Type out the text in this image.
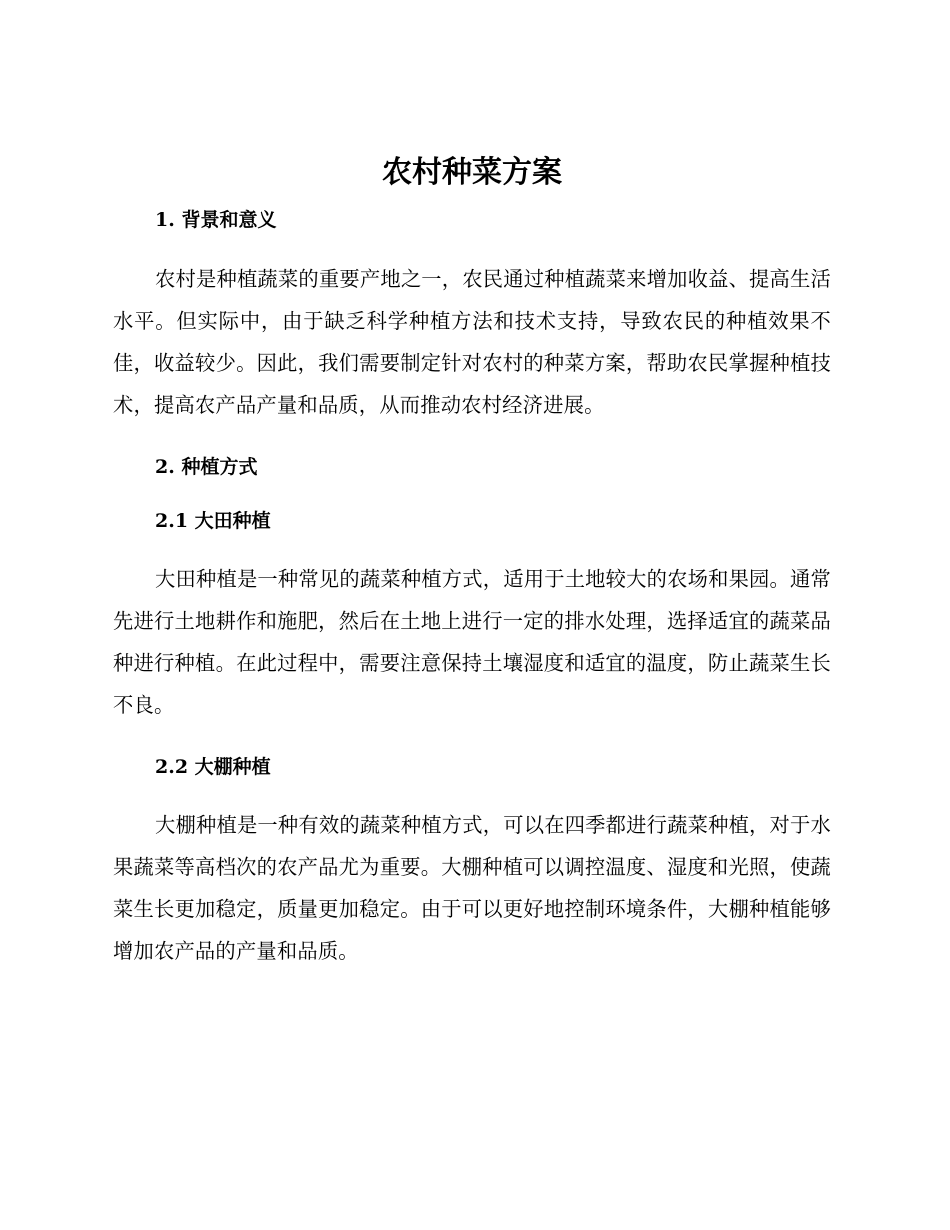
农村种菜方案
1. 背景和意义

农村是种植蔬菜的重要产地之一，农民通过种植蔬菜来增加收益、提高生活水平。但实际中，由于缺乏科学种植方法和技术支持，导致农民的种植效果不佳，收益较少。因此，我们需要制定针对农村的种菜方案，帮助农民掌握种植技术，提高农产品产量和品质，从而推动农村经济进展。

2. 种植方式
2.1 大田种植

大田种植是一种常见的蔬菜种植方式，适用于土地较大的农场和果园。通常先进行土地耕作和施肥，然后在土地上进行一定的排水处理，选择适宜的蔬菜品种进行种植。在此过程中，需要注意保持土壤湿度和适宜的温度，防止蔬菜生长不良。

2.2 大棚种植

大棚种植是一种有效的蔬菜种植方式，可以在四季都进行蔬菜种植，对于水果蔬菜等高档次的农产品尤为重要。大棚种植可以调控温度、湿度和光照，使蔬菜生长更加稳定，质量更加稳定。由于可以更好地控制环境条件，大棚种植能够增加农产品的产量和品质。
